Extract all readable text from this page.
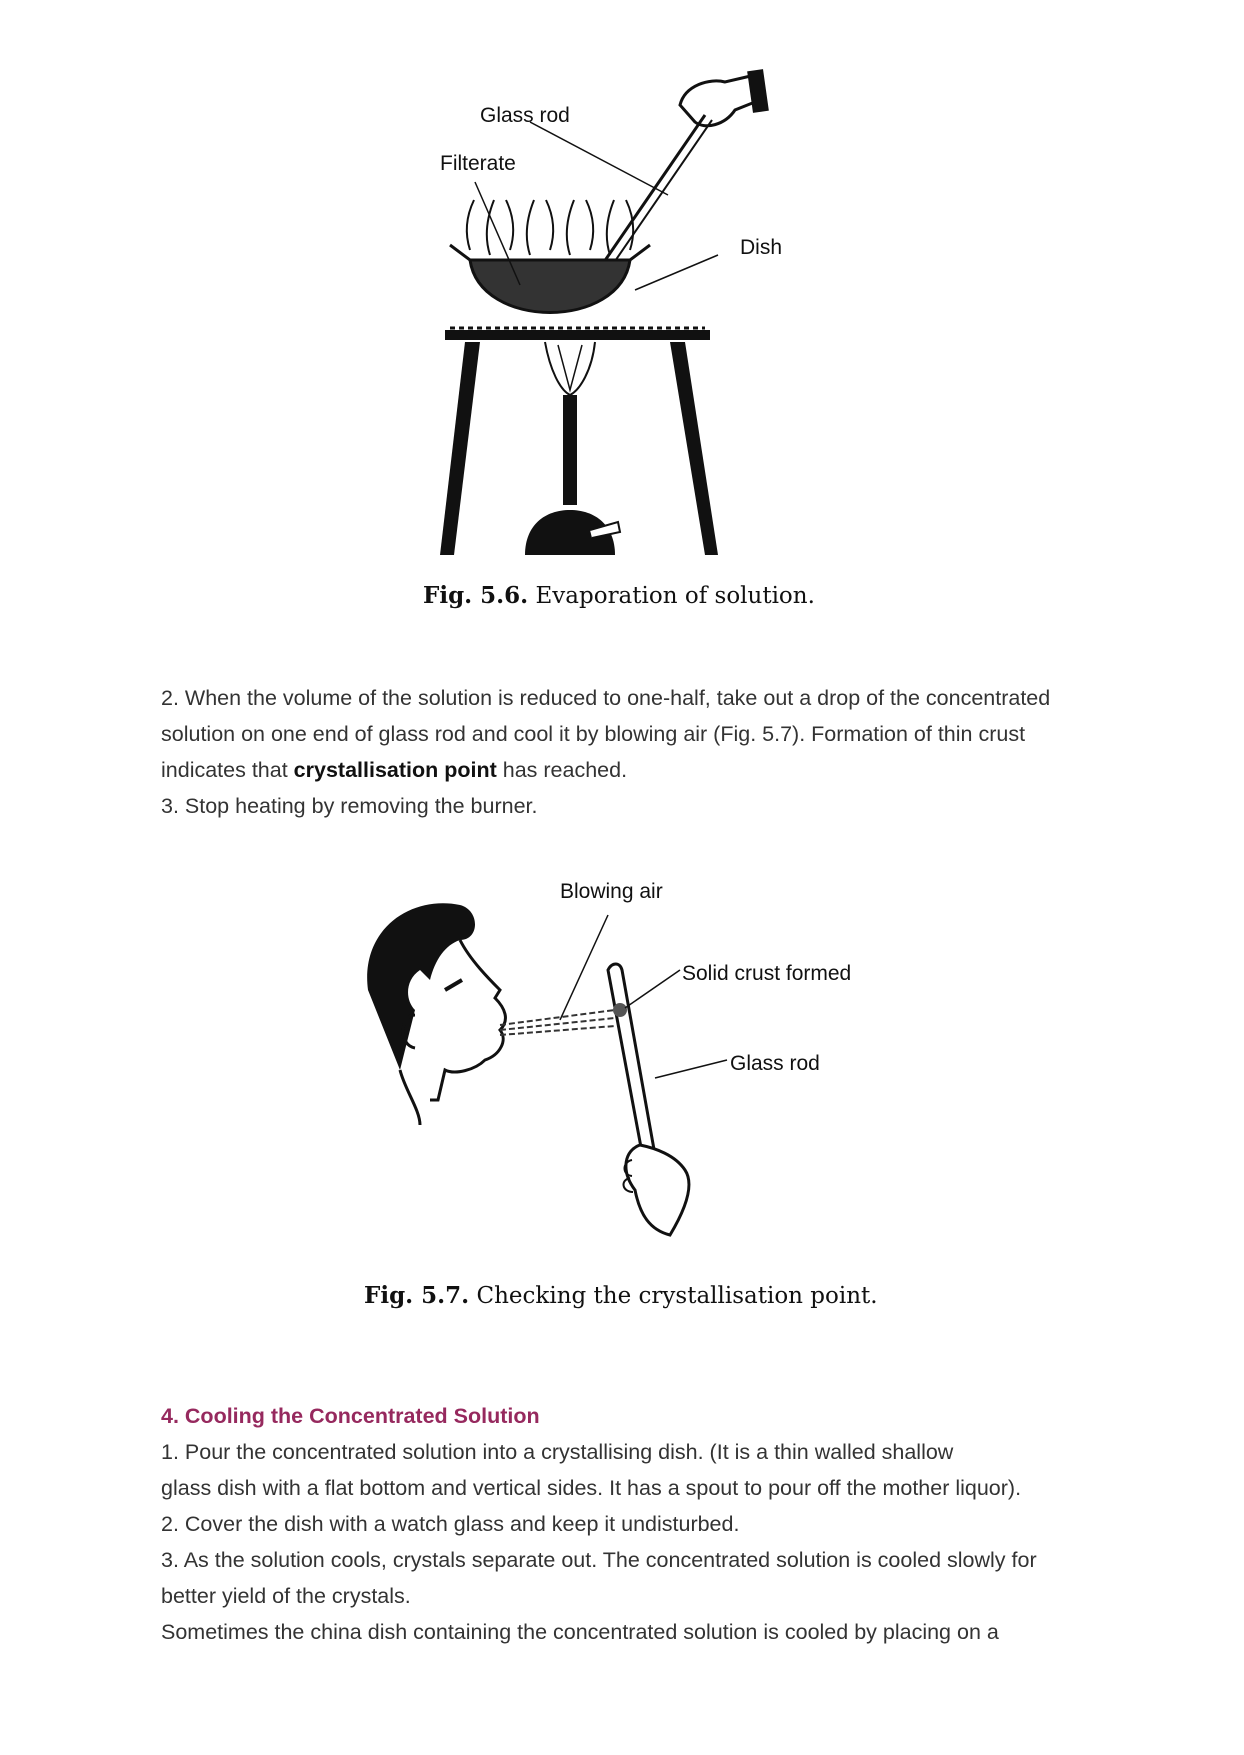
Glass rod
Filterate
Dish
Fig. 5.6. Evaporation of solution.

2. When the volume of the solution is reduced to one-half, take out a drop of the concentrated

solution on one end of glass rod and cool it by blowing air (Fig. 5.7). Formation of thin crust

indicates that crystallisation point has reached.

3. Stop heating by removing the burner.

Blowing air
Solid crust formed
Glass rod
Fig. 5.7. Checking the crystallisation point.

4. Cooling the Concentrated Solution

1. Pour the concentrated solution into a crystallising dish. (It is a thin walled shallow

glass dish with a flat bottom and vertical sides. It has a spout to pour off the mother liquor).

2. Cover the dish with a watch glass and keep it undisturbed.

3. As the solution cools, crystals separate out. The concentrated solution is cooled slowly for

better yield of the crystals.

Sometimes the china dish containing the concentrated solution is cooled by placing on a
